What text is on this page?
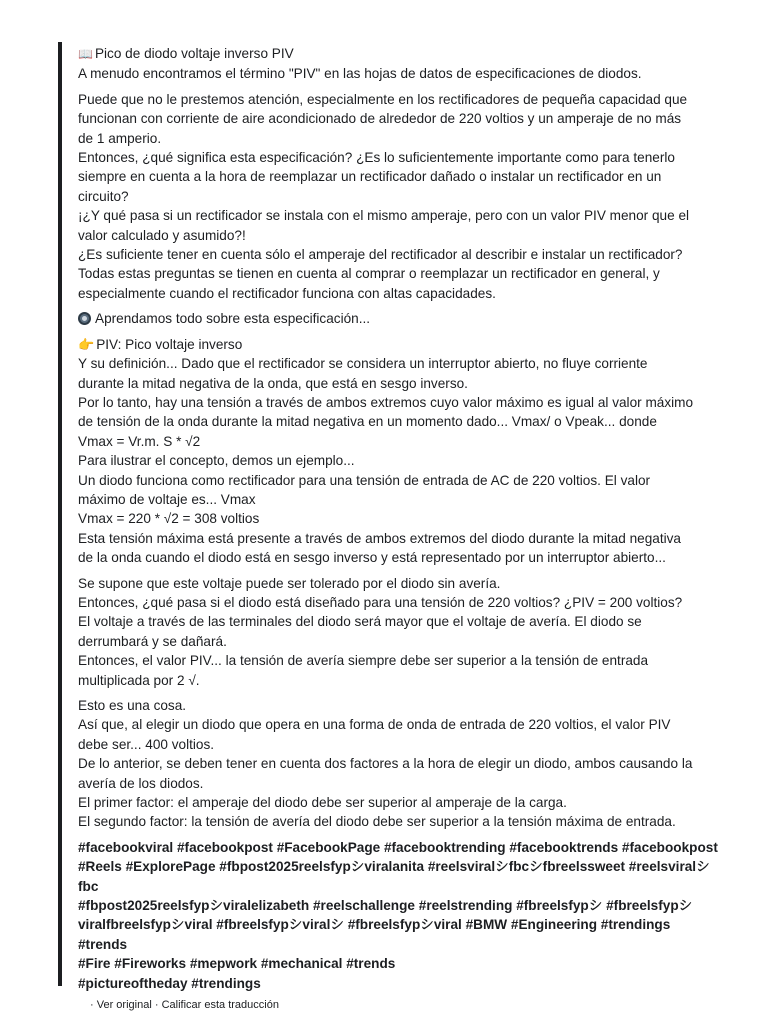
📖 Pico de diodo voltaje inverso PIV
A menudo encontramos el término "PIV" en las hojas de datos de especificaciones de diodos.
Puede que no le prestemos atención, especialmente en los rectificadores de pequeña capacidad que
funcionan con corriente de aire acondicionado de alrededor de 220 voltios y un amperaje de no más
de 1 amperio.
Entonces, ¿qué significa esta especificación? ¿Es lo suficientemente importante como para tenerlo
siempre en cuenta a la hora de reemplazar un rectificador dañado o instalar un rectificador en un
circuito?
¡¿Y qué pasa si un rectificador se instala con el mismo amperaje, pero con un valor PIV menor que el
valor calculado y asumido?!
¿Es suficiente tener en cuenta sólo el amperaje del rectificador al describir e instalar un rectificador?
Todas estas preguntas se tienen en cuenta al comprar o reemplazar un rectificador en general, y
especialmente cuando el rectificador funciona con altas capacidades.
Aprendamos todo sobre esta especificación...
👉 PIV: Pico voltaje inverso
Y su definición... Dado que el rectificador se considera un interruptor abierto, no fluye corriente
durante la mitad negativa de la onda, que está en sesgo inverso.
Por lo tanto, hay una tensión a través de ambos extremos cuyo valor máximo es igual al valor máximo
de tensión de la onda durante la mitad negativa en un momento dado... Vmax/ o Vpeak... donde
Vmax = Vr.m. S * √2
Para ilustrar el concepto, demos un ejemplo...
Un diodo funciona como rectificador para una tensión de entrada de AC de 220 voltios. El valor
máximo de voltaje es... Vmax
Vmax = 220 * √2 = 308 voltios
Esta tensión máxima está presente a través de ambos extremos del diodo durante la mitad negativa
de la onda cuando el diodo está en sesgo inverso y está representado por un interruptor abierto...
Se supone que este voltaje puede ser tolerado por el diodo sin avería.
Entonces, ¿qué pasa si el diodo está diseñado para una tensión de 220 voltios? ¿PIV = 200 voltios?
El voltaje a través de las terminales del diodo será mayor que el voltaje de avería. El diodo se
derrumbará y se dañará.
Entonces, el valor PIV... la tensión de avería siempre debe ser superior a la tensión de entrada
multiplicada por 2 √.
Esto es una cosa.
Así que, al elegir un diodo que opera en una forma de onda de entrada de 220 voltios, el valor PIV
debe ser... 400 voltios.
De lo anterior, se deben tener en cuenta dos factores a la hora de elegir un diodo, ambos causando la
avería de los diodos.
El primer factor: el amperaje del diodo debe ser superior al amperaje de la carga.
El segundo factor: la tensión de avería del diodo debe ser superior a la tensión máxima de entrada.
#facebookviral #facebookpost #FacebookPage #facebooktrending #facebooktrends #facebookpost
#Reels #ExplorePage #fbpost2025reelsfypシviralanita #reelsviralシfbcシfbreelssweet #reelsviralシfbc
#fbpost2025reelsfypシviralelizabeth #reelschallenge #reelstrending #fbreelsfypシ #fbreelsfypシ
viralfbreelsfypシviral #fbreelsfypシviralシ #fbreelsfypシviral #BMW #Engineering #trendings #trends
#Fire #Fireworks #mepwork #mechanical #trends
#pictureoftheday #trendings
· Ver original · Calificar esta traducción
